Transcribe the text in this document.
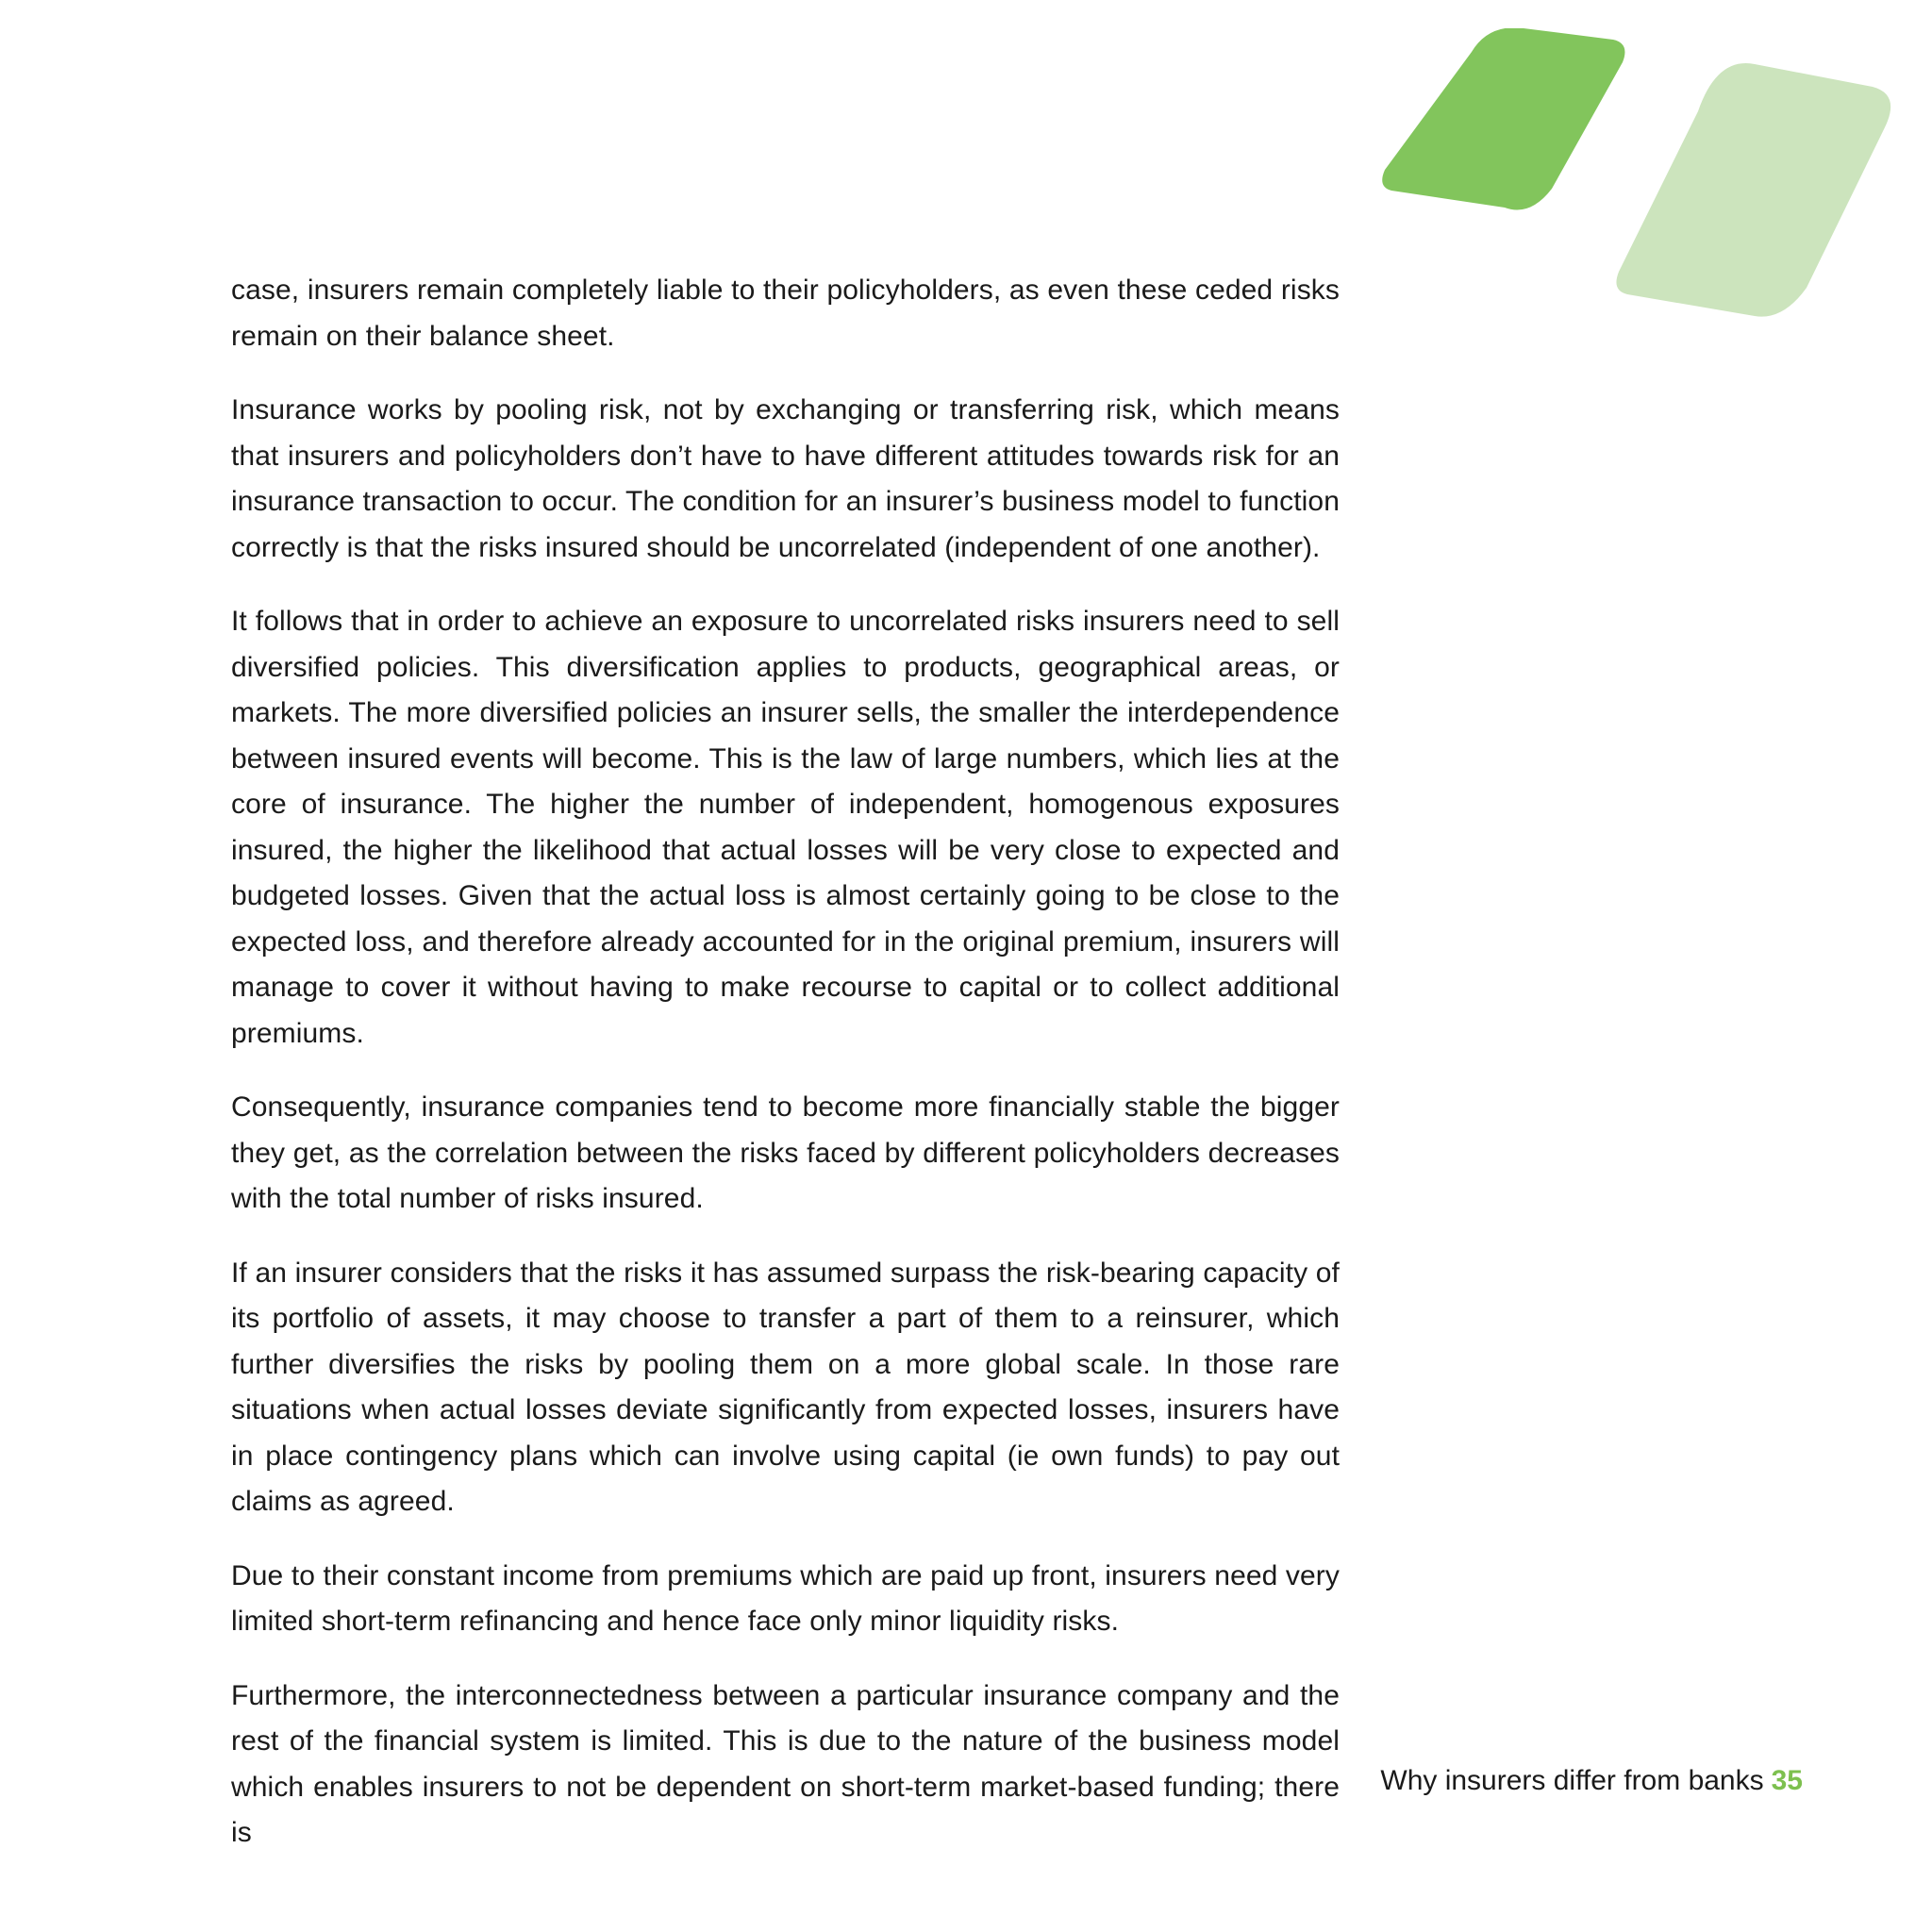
case, insurers remain completely liable to their policyholders, as even these ceded risks remain on their balance sheet.

Insurance works by pooling risk, not by exchanging or transferring risk, which means that insurers and policyholders don’t have to have different attitudes towards risk for an insurance transaction to occur. The condition for an insurer’s business model to function correctly is that the risks insured should be uncorrelated (independent of one another).

It follows that in order to achieve an exposure to uncorrelated risks insurers need to sell diversified policies. This diversification applies to products, geographical areas, or markets. The more diversified policies an insurer sells, the smaller the interdependence between insured events will become. This is the law of large numbers, which lies at the core of insurance. The higher the number of independent, homogenous exposures insured, the higher the likelihood that actual losses will be very close to expected and budgeted losses. Given that the actual loss is almost certainly going to be close to the expected loss, and therefore already accounted for in the original premium, insurers will manage to cover it without having to make recourse to capital or to collect additional premiums.

Consequently, insurance companies tend to become more financially stable the bigger they get, as the correlation between the risks faced by different policyholders decreases with the total number of risks insured.

If an insurer considers that the risks it has assumed surpass the risk-bearing capacity of its portfolio of assets, it may choose to transfer a part of them to a reinsurer, which further diversifies the risks by pooling them on a more global scale. In those rare situations when actual losses deviate significantly from expected losses, insurers have in place contingency plans which can involve using capital (ie own funds) to pay out claims as agreed.

Due to their constant income from premiums which are paid up front, insurers need very limited short-term refinancing and hence face only minor liquidity risks.

Furthermore, the interconnectedness between a particular insurance company and the rest of the financial system is limited. This is due to the nature of the business model which enables insurers to not be dependent on short-term market-based funding; there is

Why insurers differ from banks 35
